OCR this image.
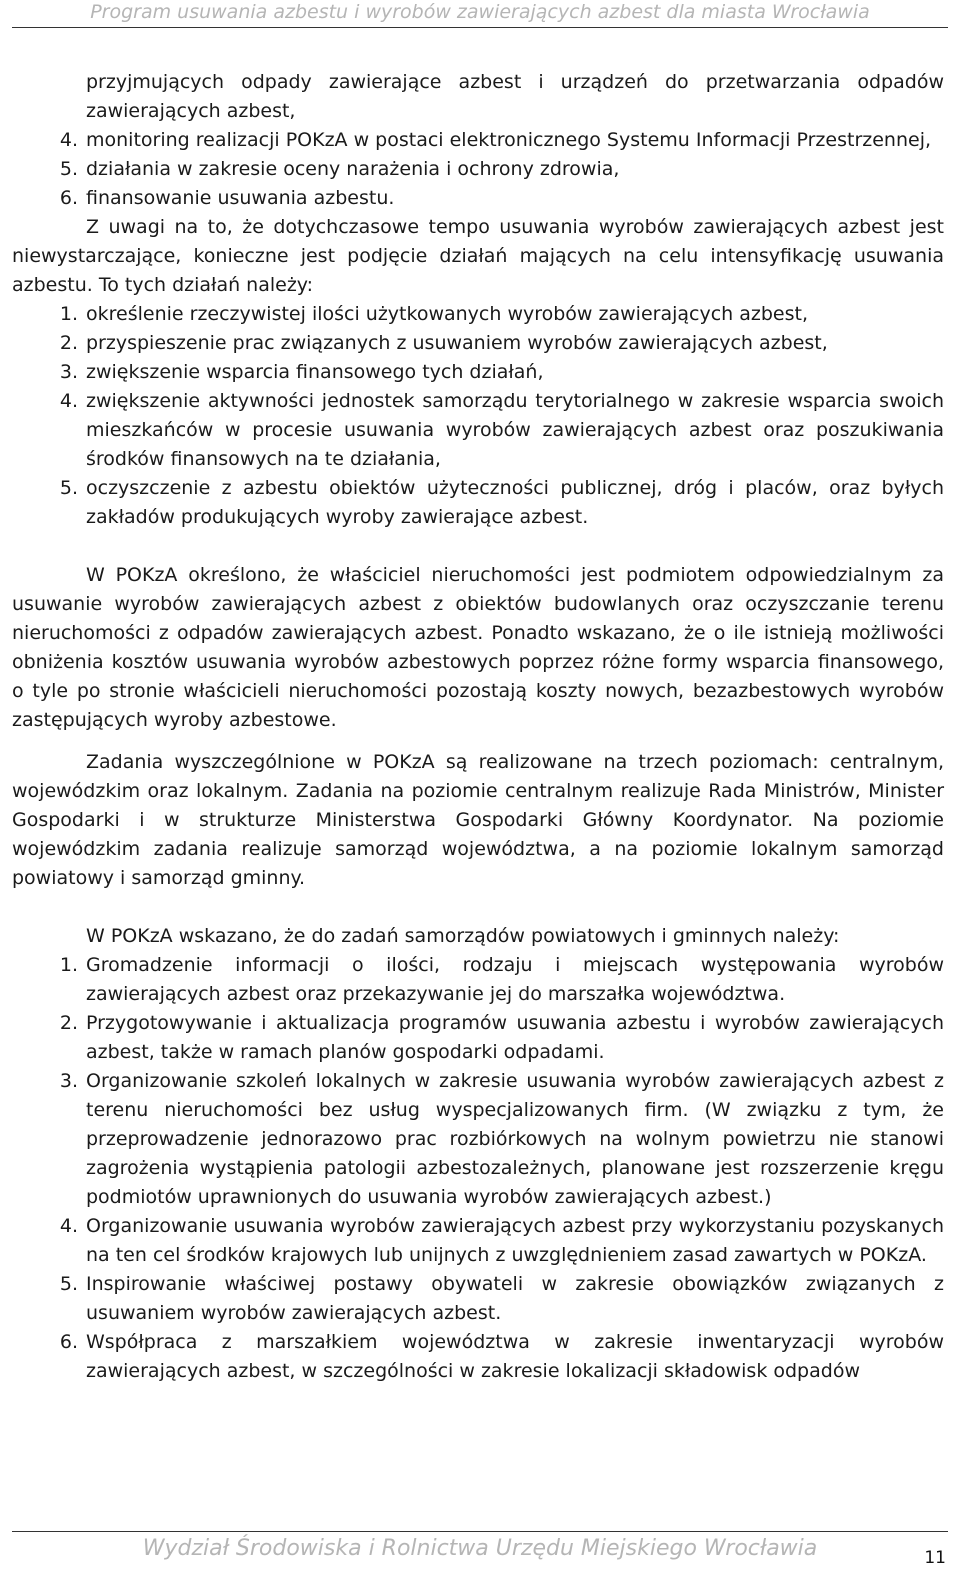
Program usuwania azbestu i wyrobów zawierających azbest dla miasta Wrocławia
przyjmujących odpady zawierające azbest i urządzeń do przetwarzania odpadów zawierających azbest,
4. monitoring realizacji POKzA w postaci elektronicznego Systemu Informacji Przestrzennej,
5. działania w zakresie oceny narażenia i ochrony zdrowia,
6. finansowanie usuwania azbestu.
Z uwagi na to, że dotychczasowe tempo usuwania wyrobów zawierających azbest jest niewystarczające, konieczne jest podjęcie działań mających na celu intensyfikację usuwania azbestu. To tych działań należy:
1. określenie rzeczywistej ilości użytkowanych wyrobów zawierających azbest,
2. przyspieszenie prac związanych z usuwaniem wyrobów zawierających azbest,
3. zwiększenie wsparcia finansowego tych działań,
4. zwiększenie aktywności jednostek samorządu terytorialnego w zakresie wsparcia swoich mieszkańców w procesie usuwania wyrobów zawierających azbest oraz poszukiwania środków finansowych na te działania,
5. oczyszczenie z azbestu obiektów użyteczności publicznej, dróg i placów, oraz byłych zakładów produkujących wyroby zawierające azbest.
W POKzA określono, że właściciel nieruchomości jest podmiotem odpowiedzialnym za usuwanie wyrobów zawierających azbest z obiektów budowlanych oraz oczyszczanie terenu nieruchomości z odpadów zawierających azbest. Ponadto wskazano, że o ile istnieją możliwości obniżenia kosztów usuwania wyrobów azbestowych poprzez różne formy wsparcia finansowego, o tyle po stronie właścicieli nieruchomości pozostają koszty nowych, bezazbestowych wyrobów zastępujących wyroby azbestowe.
Zadania wyszczególnione w POKzA są realizowane na trzech poziomach: centralnym, wojewódzkim oraz lokalnym. Zadania na poziomie centralnym realizuje Rada Ministrów, Minister Gospodarki i w strukturze Ministerstwa Gospodarki Główny Koordynator. Na poziomie wojewódzkim zadania realizuje samorząd województwa, a na poziomie lokalnym samorząd powiatowy i samorząd gminny.
W POKzA wskazano, że do zadań samorządów powiatowych i gminnych należy:
1. Gromadzenie informacji o ilości, rodzaju i miejscach występowania wyrobów zawierających azbest oraz przekazywanie jej do marszałka województwa.
2. Przygotowywanie i aktualizacja programów usuwania azbestu i wyrobów zawierających azbest, także w ramach planów gospodarki odpadami.
3. Organizowanie szkoleń lokalnych w zakresie usuwania wyrobów zawierających azbest z terenu nieruchomości bez usług wyspecjalizowanych firm. (W związku z tym, że przeprowadzenie jednorazowo prac rozbiórkowych na wolnym powietrzu nie stanowi zagrożenia wystąpienia patologii azbestozależnych, planowane jest rozszerzenie kręgu podmiotów uprawnionych do usuwania wyrobów zawierających azbest.)
4. Organizowanie usuwania wyrobów zawierających azbest przy wykorzystaniu pozyskanych na ten cel środków krajowych lub unijnych z uwzględnieniem zasad zawartych w POKzA.
5. Inspirowanie właściwej postawy obywateli w zakresie obowiązków związanych z usuwaniem wyrobów zawierających azbest.
6. Współpraca z marszałkiem województwa w zakresie inwentaryzacji wyrobów zawierających azbest, w szczególności w zakresie lokalizacji składowisk odpadów
Wydział Środowiska i Rolnictwa Urzędu Miejskiego Wrocławia	11
